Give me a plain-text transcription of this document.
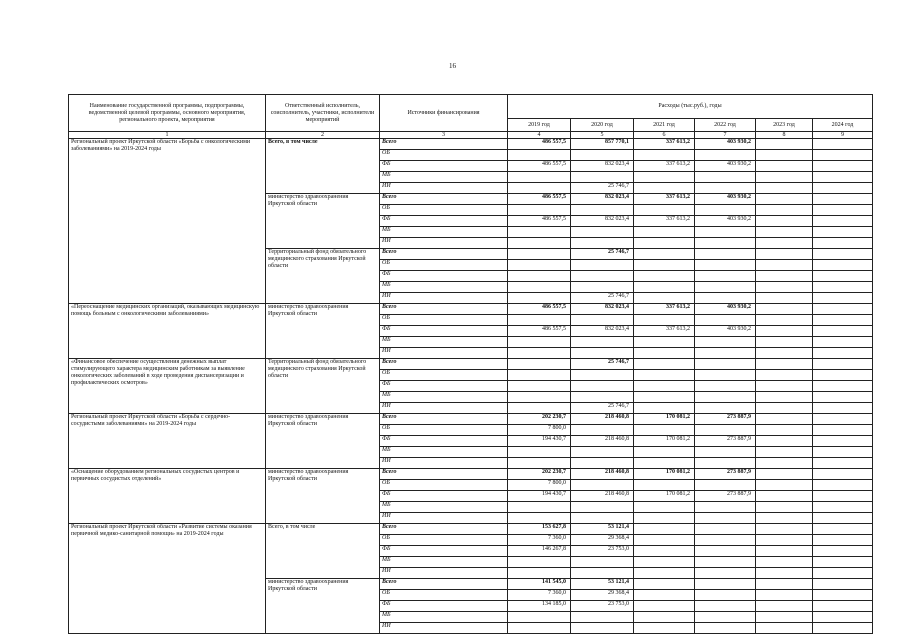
16
Наименование государственной программы, подпрограммы, ведомственной целевой программы, основного мероприятия, регионального проекта, мероприятия	Ответственный исполнитель, соисполнитель, участники, исполнители мероприятий	Источники финансирования	Расходы (тыс.руб.), годы					
			2019 год	2020 год	2021 год	2022 год	2023 год	2024 год
1	2	3	4	5	6	7	8	9
Региональный проект Иркутской области «Борьба с онкологическими заболеваниями» на 2019-2024 годы	Всего, в том числе	Всего	486 557,5	857 770,1	337 613,2	403 930,2		
		ОБ						
		ФБ	486 557,5	832 023,4	337 613,2	403 930,2		
		МБ						
		ИИ		25 746,7				
	министерство здравоохранения Иркутской области	Всего	486 557,5	832 023,4	337 613,2	403 930,2		
		ОБ						
		ФБ	486 557,5	832 023,4	337 613,2	403 930,2		
		МБ						
		ИИ						
	Территориальный фонд обязательного медицинского страхования Иркутской области	Всего		25 746,7				
		ОБ						
		ФБ						
		МБ						
		ИИ		25 746,7				
«Переоснащение медицинских организаций, оказывающих медицинскую помощь больным с онкологическими заболеваниями»	министерство здравоохранения Иркутской области	Всего	486 557,5	832 023,4	337 613,2	403 930,2		
		ОБ						
		ФБ	486 557,5	832 023,4	337 613,2	403 930,2		
		МБ						
		ИИ						
«Финансовое обеспечение осуществления денежных выплат стимулирующего характера медицинским работникам за выявление онкологических заболеваний в ходе проведения диспансеризации и профилактических осмотров»	Территориальный фонд обязательного медицинского страхования Иркутской области	Всего		25 746,7				
		ОБ						
		ФБ						
		МБ						
		ИИ		25 746,7				
Региональный проект Иркутской области «Борьба с сердечно-сосудистыми заболеваниями» на 2019-2024 годы	министерство здравоохранения Иркутской области	Всего	202 230,7	218 460,8	170 081,2	273 887,9		
		ОБ	7 800,0					
		ФБ	194 430,7	218 460,8	170 081,2	273 887,9		
		МБ						
		ИИ						
«Оснащение оборудованием региональных сосудистых центров и первичных сосудистых отделений»	министерство здравоохранения Иркутской области	Всего	202 230,7	218 460,8	170 081,2	273 887,9		
		ОБ	7 800,0					
		ФБ	194 430,7	218 460,8	170 081,2	273 887,9		
		МБ						
		ИИ						
Региональный проект Иркутской области «Развитие системы оказания первичной медико-санитарной помощи» на 2019-2024 годы	Всего, в том числе	Всего	153 627,8	53 121,4				
		ОБ	7 360,0	29 368,4				
		ФБ	146 267,8	23 753,0				
		МБ						
		ИИ						
	министерство здравоохранения Иркутской области	Всего	141 545,0	53 121,4				
		ОБ	7 360,0	29 368,4				
		ФБ	134 185,0	23 753,0				
		МБ						
		ИИ						
